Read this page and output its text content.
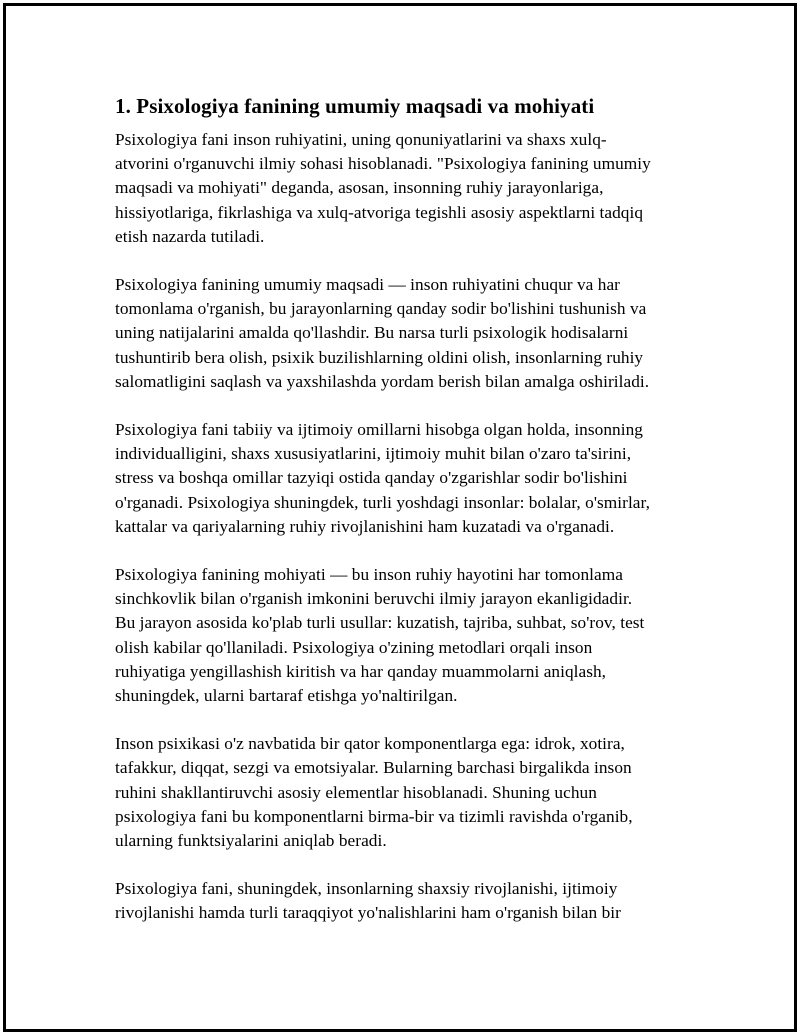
1. Psixologiya fanining umumiy maqsadi va mohiyati

Psixologiya fani inson ruhiyatini, uning qonuniyatlarini va shaxs xulq-
atvorini o'rganuvchi ilmiy sohasi hisoblanadi. "Psixologiya fanining umumiy
maqsadi va mohiyati" deganda, asosan, insonning ruhiy jarayonlariga,
hissiyotlariga, fikrlashiga va xulq-atvoriga tegishli asosiy aspektlarni tadqiq
etish nazarda tutiladi.

Psixologiya fanining umumiy maqsadi — inson ruhiyatini chuqur va har
tomonlama o'rganish, bu jarayonlarning qanday sodir bo'lishini tushunish va
uning natijalarini amalda qo'llashdir. Bu narsa turli psixologik hodisalarni
tushuntirib bera olish, psixik buzilishlarning oldini olish, insonlarning ruhiy
salomatligini saqlash va yaxshilashda yordam berish bilan amalga oshiriladi.

Psixologiya fani tabiiy va ijtimoiy omillarni hisobga olgan holda, insonning
individualligini, shaxs xususiyatlarini, ijtimoiy muhit bilan o'zaro ta'sirini,
stress va boshqa omillar tazyiqi ostida qanday o'zgarishlar sodir bo'lishini
o'rganadi. Psixologiya shuningdek, turli yoshdagi insonlar: bolalar, o'smirlar,
kattalar va qariyalarning ruhiy rivojlanishini ham kuzatadi va o'rganadi.

Psixologiya fanining mohiyati — bu inson ruhiy hayotini har tomonlama
sinchkovlik bilan o'rganish imkonini beruvchi ilmiy jarayon ekanligidadir.
Bu jarayon asosida ko'plab turli usullar: kuzatish, tajriba, suhbat, so'rov, test
olish kabilar qo'llaniladi. Psixologiya o'zining metodlari orqali inson
ruhiyatiga yengillashish kiritish va har qanday muammolarni aniqlash,
shuningdek, ularni bartaraf etishga yo'naltirilgan.

Inson psixikasi o'z navbatida bir qator komponentlarga ega: idrok, xotira,
tafakkur, diqqat, sezgi va emotsiyalar. Bularning barchasi birgalikda inson
ruhini shakllantiruvchi asosiy elementlar hisoblanadi. Shuning uchun
psixologiya fani bu komponentlarni birma-bir va tizimli ravishda o'rganib,
ularning funktsiyalarini aniqlab beradi.

Psixologiya fani, shuningdek, insonlarning shaxsiy rivojlanishi, ijtimoiy
rivojlanishi hamda turli taraqqiyot yo'nalishlarini ham o'rganish bilan bir
